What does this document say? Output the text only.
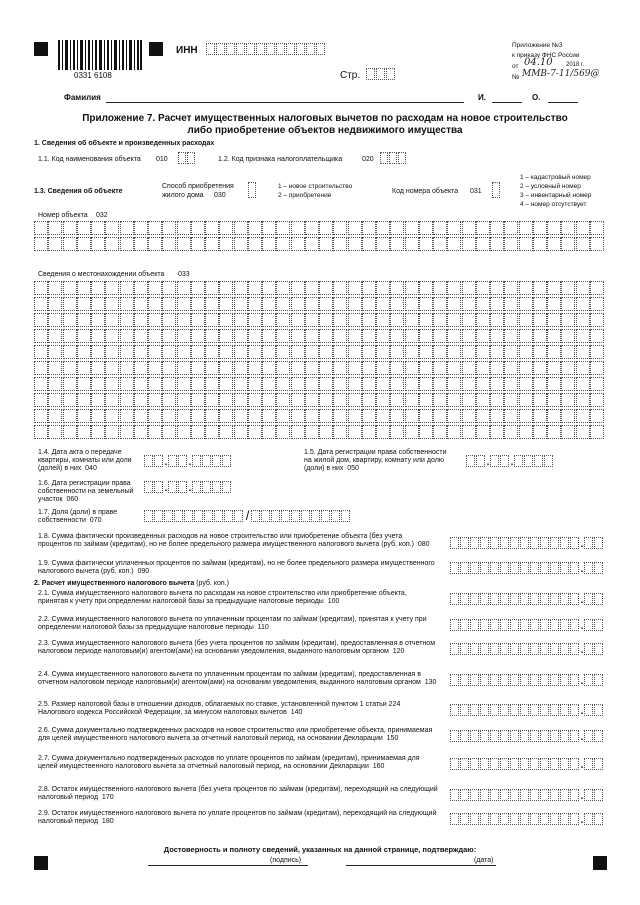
0331 6108
ИНН
Стр.
Приложение №3
к приказу ФНС России
от 04.10 2018 г.
№ ММВ-7-11/569@
Фамилия	И.	О.
Приложение 7. Расчет имущественных налоговых вычетов по расходам на новое строительство
либо приобретение объектов недвижимого имущества
1. Сведения об объекте и произведенных расходах
1.1. Код наименования объекта 010	1.2. Код признака налогоплательщика	020
1.3. Сведения об объекте
Способ приобретения
жилого дома 030
1 – новое строительство
2 – приобретение
Код номера объекта 031
1 – кадастровый номер
2 – условный номер
3 – инвентарный номер
4 – номер отсутствует
Номер объекта 032
Сведения о местонахождении объекта 033
1.4. Дата акта о передаче квартиры, комнаты или доли (долей) в них 040
. .
1.5. Дата регистрации права собственности на жилой дом, квартиру, комнату или долю (доли) в них 050
. .
1.6. Дата регистрации права собственности на земельный участок 060
. .
1.7. Доля (доли) в праве собственности 070	/
1.8. Сумма фактически произведенных расходов на новое строительство или приобретение объекта (без учета процентов по займам (кредитам), но не более предельного размера имущественного налогового вычета (руб. коп.) 080	.
1.9. Сумма фактически уплаченных процентов по займам (кредитам), но не более предельного размера имущественного налогового вычета (руб. коп.) 090	.
2. Расчет имущественного налогового вычета (руб. коп.)
2.1. Сумма имущественного налогового вычета по расходам на новое строительство или приобретение объекта, принятая к учету при определении налоговой базы за предыдущие налоговые периоды 100	.
2.2. Сумма имущественного налогового вычета по уплаченным процентам по займам (кредитам), принятая к учету при определении налоговой базы за предыдущие налоговые периоды 110	.
2.3. Сумма имущественного налогового вычета (без учета процентов по займам (кредитам), предоставленная в отчетном налоговом периоде налоговым(и) агентом(ами) на основании уведомления, выданного налоговым органом 120	.
2.4. Сумма имущественного налогового вычета по уплаченным процентам по займам (кредитам), предоставленная в отчетном налоговом периоде налоговым(и) агентом(ами) на основании уведомления, выданного налоговым органом 130	.
2.5. Размер налоговой базы в отношении доходов, облагаемых по ставке, установленной пунктом 1 статьи 224 Налогового кодекса Российской Федерации, за минусом налоговых вычетов 140	.
2.6. Сумма документально подтвержденных расходов на новое строительство или приобретение объекта, принимаемая для целей имущественного налогового вычета за отчетный налоговый период, на основании Декларации 150	.
2.7. Сумма документально подтвержденных расходов по уплате процентов по займам (кредитам), принимаемая для целей имущественного налогового вычета за отчетный налоговый период, на основании Декларации 160	.
2.8. Остаток имущественного налогового вычета (без учета процентов по займам (кредитам), переходящий на следующий налоговый период 170	.
2.9. Остаток имущественного налогового вычета по уплате процентов по займам (кредитам), переходящий на следующий налоговый период 180	.
Достоверность и полноту сведений, указанных на данной странице, подтверждаю:
(подпись)	(дата)
